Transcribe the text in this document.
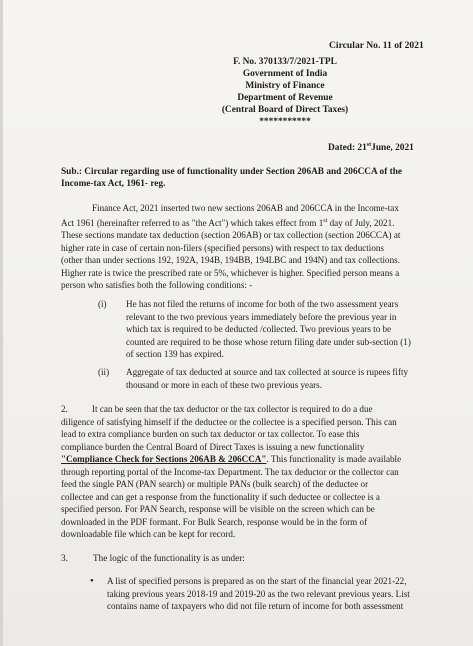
Circular No. 11 of 2021
F. No. 370133/7/2021-TPL
Government of India
Ministry of Finance
Department of Revenue
(Central Board of Direct Taxes)
***********
Dated: 21stJune, 2021
Sub.: Circular regarding use of functionality under Section 206AB and 206CCA of the
Income-tax Act, 1961- reg.
Finance Act, 2021 inserted two new sections 206AB and 206CCA in the Income-tax
Act 1961 (hereinafter referred to as "the Act") which takes effect from 1st day of July, 2021.
These sections mandate tax deduction (section 206AB) or tax collection (section 206CCA) at
higher rate in case of certain non-filers (specified persons) with respect to tax deductions
(other than under sections 192, 192A, 194B, 194BB, 194LBC and 194N) and tax collections.
Higher rate is twice the prescribed rate or 5%, whichever is higher. Specified person means a
person who satisfies both the following conditions: -
(i) He has not filed the returns of income for both of the two assessment years
relevant to the two previous years immediately before the previous year in
which tax is required to be deducted /collected. Two previous years to be
counted are required to be those whose return filing date under sub-section (1)
of section 139 has expired.
(ii) Aggregate of tax deducted at source and tax collected at source is rupees fifty
thousand or more in each of these two previous years.
2.	It can be seen that the tax deductor or the tax collector is required to do a due
diligence of satisfying himself if the deductee or the collectee is a specified person. This can
lead to extra compliance burden on such tax deductor or tax collector. To ease this
compliance burden the Central Board of Direct Taxes is issuing a new functionality
"Compliance Check for Sections 206AB & 206CCA". This functionality is made available
through reporting portal of the Income-tax Department. The tax deductor or the collector can
feed the single PAN (PAN search) or multiple PANs (bulk search) of the deductee or
collectee and can get a response from the functionality if such deductee or collectee is a
specified person. For PAN Search, response will be visible on the screen which can be
downloaded in the PDF formant. For Bulk Search, response would be in the form of
downloadable file which can be kept for record.
3.	The logic of the functionality is as under:
• A list of specified persons is prepared as on the start of the financial year 2021-22,
taking previous years 2018-19 and 2019-20 as the two relevant previous years. List
contains name of taxpayers who did not file return of income for both assessment
